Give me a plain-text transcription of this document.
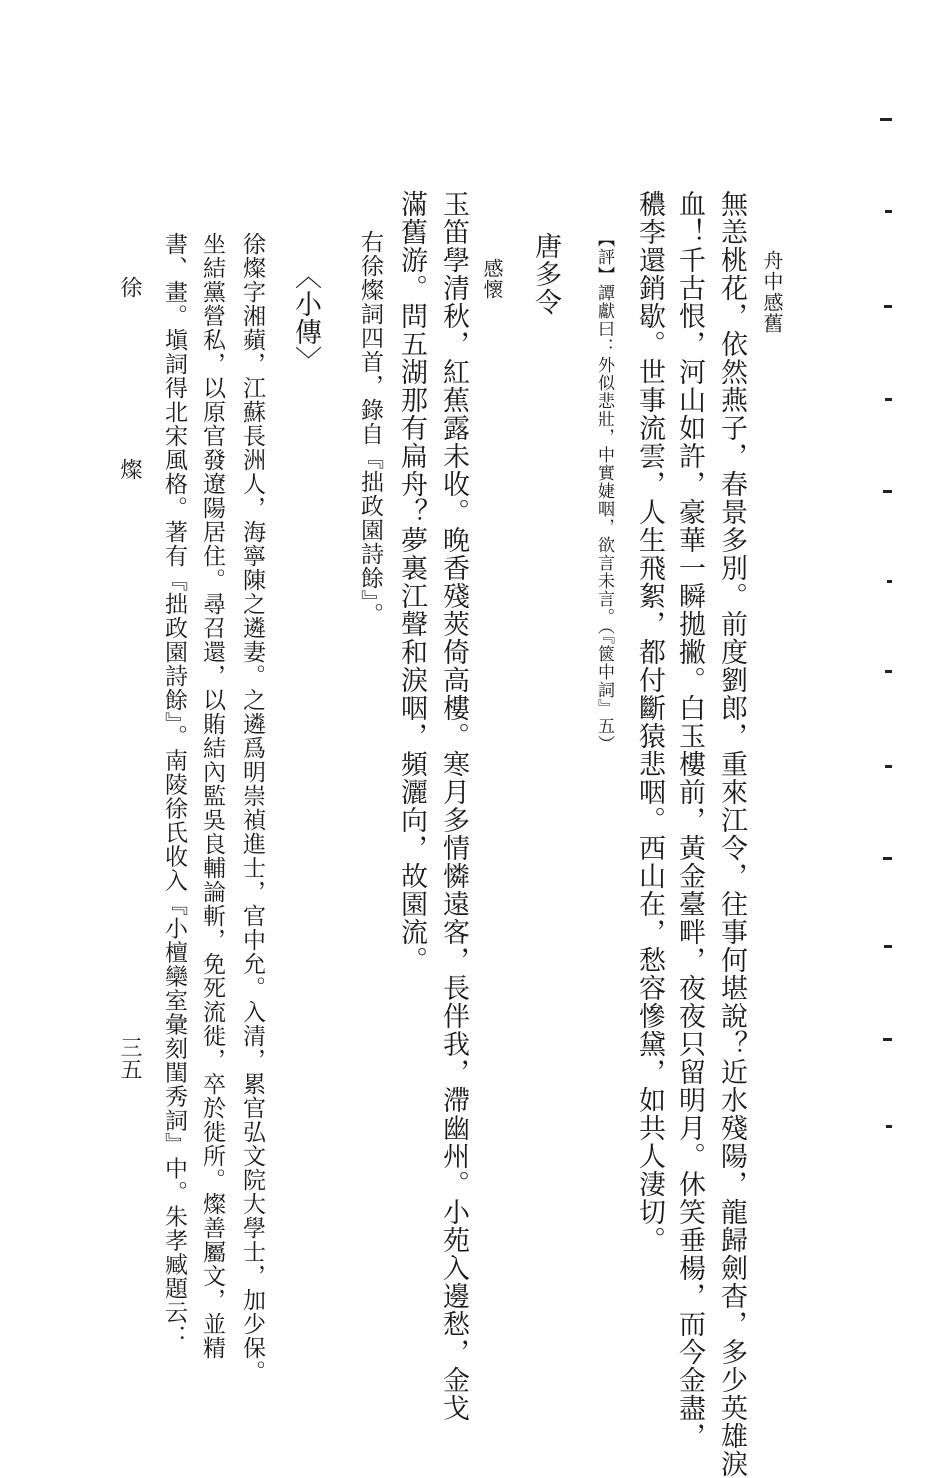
舟中感舊
無恙桃花，依然燕子，春景多別。前度劉郎，重來江令，往事何堪說？近水殘陽，龍歸劍杳，多少英雄淚
血！千古恨，河山如許，豪華一瞬拋撇。白玉樓前，黃金臺畔，夜夜只留明月。休笑垂楊，而今金盡，
穠李還銷歇。世事流雲，人生飛絮，都付斷猿悲咽。西山在，愁容慘黛，如共人淒切。
【評】譚獻曰：外似悲壯，中實婕咽，欲言未言。（『篋中詞』五）
唐多令
感懷
玉笛學清秋，紅蕉露未收。晚香殘莢倚高樓。寒月多情憐遠客，長伴我，滯幽州。小苑入邊愁，金戈
滿舊游。問五湖那有扁舟？夢裏江聲和淚咽，頻灑向，故園流。
右徐燦詞四首，錄自『拙政園詩餘』。
〈小傳〉
徐燦字湘蘋，江蘇長洲人，海寧陳之遴妻。之遴爲明崇禎進士，官中允。入清，累官弘文院大學士，加少保。
坐結黨營私，以原官發遼陽居住。尋召還，以賄結內監吳良輔論斬，免死流徙，卒於徙所。燦善屬文，並精
書、畫。塡詞得北宋風格。著有『拙政園詩餘』。南陵徐氏收入『小檀欒室彙刻閨秀詞』中。朱孝臧題云：
徐
燦
三五
